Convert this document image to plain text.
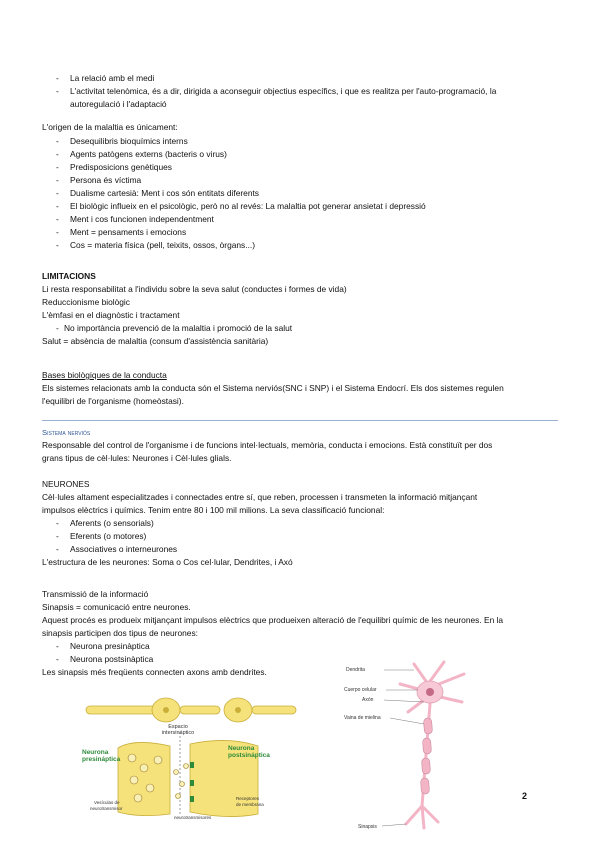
- La relació amb el medi
- L'activitat telenòmica, és a dir, dirigida a aconseguir objectius específics, i que es realitza per l'auto-programació, la
autoregulació i l'adaptació
L'origen de la malaltia es únicament:
- Desequilibris bioquímics interns
- Agents patògens externs (bacteris o virus)
- Predisposicions genètiques
- Persona és víctima
- Dualisme cartesià: Ment i cos són entitats diferents
- El biològic influeix en el psicològic, però no al revés: La malaltia pot generar ansietat i depressió
- Ment i cos funcionen independentment
- Ment = pensaments i emocions
- Cos = materia física (pell, teixits, ossos, òrgans...)
LIMITACIONS
Li resta responsabilitat a l'individu sobre la seva salut (conductes i formes de vida)
Reduccionisme biològic
L'èmfasi en el diagnòstic i tractament
- No importància prevenció de la malaltia i promoció de la salut
Salut = absència de malaltia (consum d'assistència sanitària)
Bases biològiques de la conducta
Els sistemes relacionats amb la conducta són el Sistema nerviós(SNC i SNP) i el Sistema Endocrí. Els dos sistemes regulen
l'equilibri de l'organisme (homeòstasi).
Sistema nerviós
Responsable del control de l'organisme i de funcions intel·lectuals, memòria, conducta i emocions. Està constituït per dos
grans tipus de cèl·lules: Neurones i Cèl·lules glials.
NEURONES
Cèl·lules altament especialitzades i connectades entre sí, que reben, processen i transmeten la informació mitjançant
impulsos elèctrics i químics. Tenim entre 80 i 100 mil milions. La seva classificació funcional:
- Aferents (o sensorials)
- Eferents (o motores)
- Associatives o interneurones
L'estructura de les neurones: Soma o Cos cel·lular, Dendrites, i Axó
Transmissió de la informació
Sinapsis = comunicació entre neurones.
Aquest procés es produeix mitjançant impulsos elèctrics que produeixen alteració de l'equilibri químic de les neurones. En la
sinapsis participen dos tipus de neurones:
- Neurona presinàptica
- Neurona postsinàptica
Les sinapsis més freqüents connecten axons amb dendrites.
Espacio
intersináptico
Neurona
presináptica
Neurona
postsináptica
Vesículas de
neurotransmisor
Receptores
de membrana
neurotransmisores
Dendrita
Cuerpo celular
Axón
Vaina de mielina
Sinapsis
2
